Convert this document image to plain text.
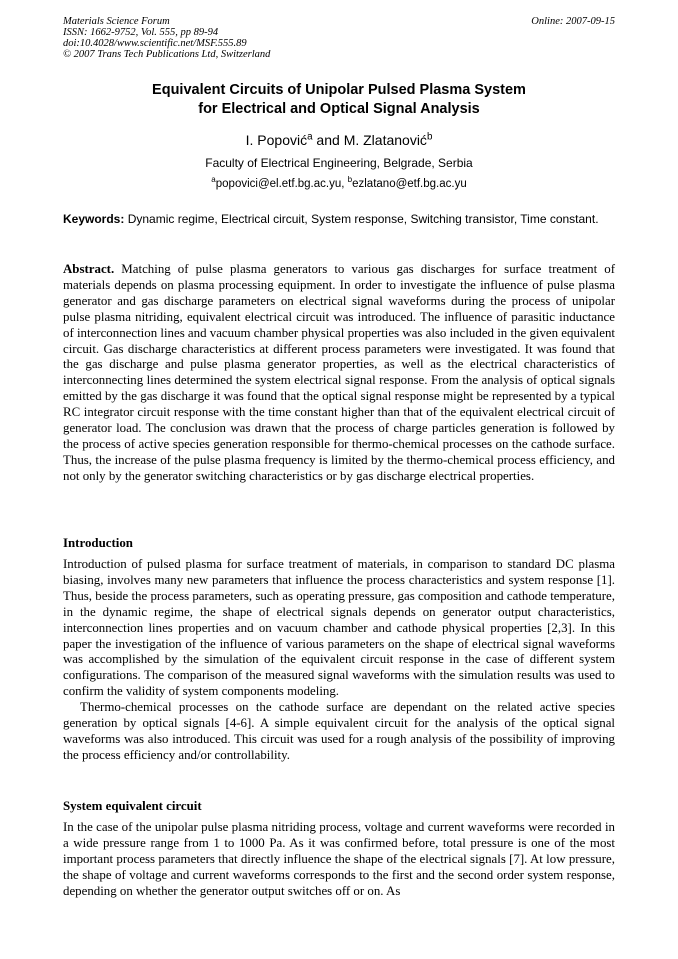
Materials Science Forum
ISSN: 1662-9752, Vol. 555, pp 89-94
doi:10.4028/www.scientific.net/MSF.555.89
© 2007 Trans Tech Publications Ltd, Switzerland
Online: 2007-09-15
Equivalent Circuits of Unipolar Pulsed Plasma System
for Electrical and Optical Signal Analysis
I. Popović$^a$ and M. Zlatanović$^b$
Faculty of Electrical Engineering, Belgrade, Serbia
$^a$popovici@el.etf.bg.ac.yu, $^b$ezlatano@etf.bg.ac.yu
Keywords: Dynamic regime, Electrical circuit, System response, Switching transistor, Time constant.
Abstract. Matching of pulse plasma generators to various gas discharges for surface treatment of materials depends on plasma processing equipment. In order to investigate the influence of pulse plasma generator and gas discharge parameters on electrical signal waveforms during the process of unipolar pulse plasma nitriding, equivalent electrical circuit was introduced. The influence of parasitic inductance of interconnection lines and vacuum chamber physical properties was also included in the given equivalent circuit. Gas discharge characteristics at different process parameters were investigated. It was found that the gas discharge and pulse plasma generator properties, as well as the electrical characteristics of interconnecting lines determined the system electrical signal response. From the analysis of optical signals emitted by the gas discharge it was found that the optical signal response might be represented by a typical RC integrator circuit response with the time constant higher than that of the equivalent electrical circuit of generator load. The conclusion was drawn that the process of charge particles generation is followed by the process of active species generation responsible for thermo-chemical processes on the cathode surface. Thus, the increase of the pulse plasma frequency is limited by the thermo-chemical process efficiency, and not only by the generator switching characteristics or by gas discharge electrical properties.
Introduction

Introduction of pulsed plasma for surface treatment of materials, in comparison to standard DC plasma biasing, involves many new parameters that influence the process characteristics and system response [1]. Thus, beside the process parameters, such as operating pressure, gas composition and cathode temperature, in the dynamic regime, the shape of electrical signals depends on generator output characteristics, interconnection lines properties and on vacuum chamber and cathode physical properties [2,3]. In this paper the investigation of the influence of various parameters on the shape of electrical signal waveforms was accomplished by the simulation of the equivalent circuit response in the case of different system configurations. The comparison of the measured signal waveforms with the simulation results was used to confirm the validity of system components modeling.

Thermo-chemical processes on the cathode surface are dependant on the related active species generation by optical signals [4-6]. A simple equivalent circuit for the analysis of the optical signal waveforms was also introduced. This circuit was used for a rough analysis of the possibility of improving the process efficiency and/or controllability.

System equivalent circuit

In the case of the unipolar pulse plasma nitriding process, voltage and current waveforms were recorded in a wide pressure range from 1 to 1000 Pa. As it was confirmed before, total pressure is one of the most important process parameters that directly influence the shape of the electrical signals [7]. At low pressure, the shape of voltage and current waveforms corresponds to the first and the second order system response, depending on whether the generator output switches off or on. As
